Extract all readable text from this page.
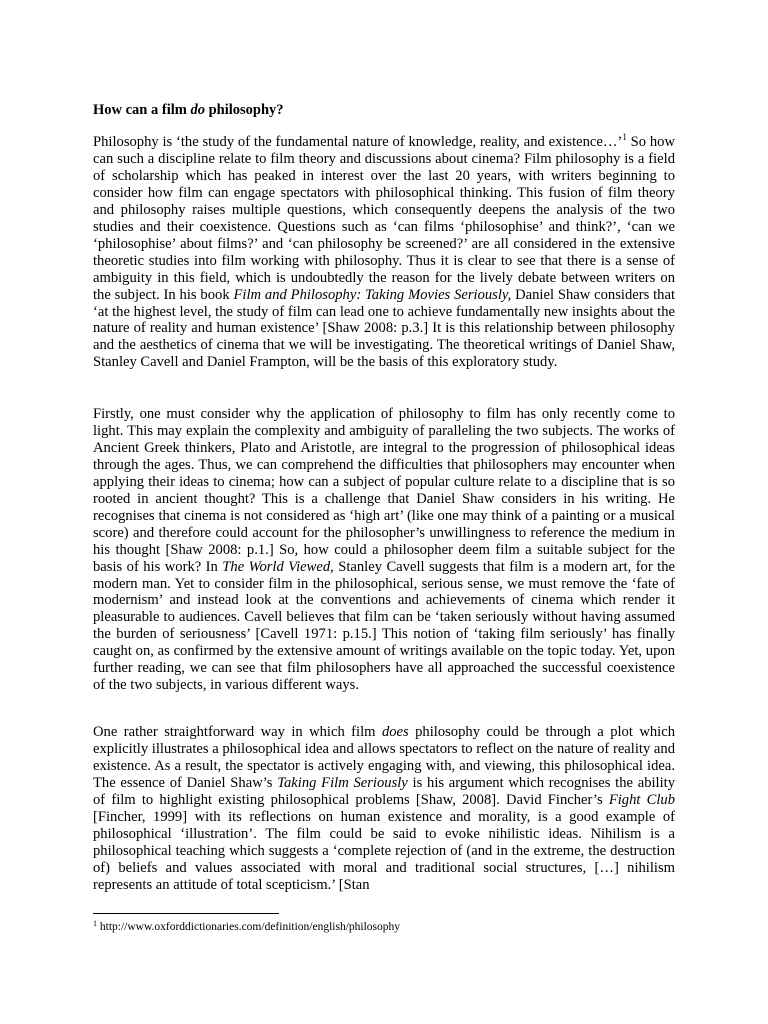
How can a film do philosophy?

Philosophy is ‘the study of the fundamental nature of knowledge, reality, and existence…’$^1$ So how can such a discipline relate to film theory and discussions about cinema? Film philosophy is a field of scholarship which has peaked in interest over the last 20 years, with writers beginning to consider how film can engage spectators with philosophical thinking. This fusion of film theory and philosophy raises multiple questions, which consequently deepens the analysis of the two studies and their coexistence. Questions such as ‘can films ‘philosophise’ and think?’, ‘can we ‘philosophise’ about films?’ and ‘can philosophy be screened?’ are all considered in the extensive theoretic studies into film working with philosophy. Thus it is clear to see that there is a sense of ambiguity in this field, which is undoubtedly the reason for the lively debate between writers on the subject. In his book Film and Philosophy: Taking Movies Seriously, Daniel Shaw considers that ‘at the highest level, the study of film can lead one to achieve fundamentally new insights about the nature of reality and human existence’ [Shaw 2008: p.3.] It is this relationship between philosophy and the aesthetics of cinema that we will be investigating. The theoretical writings of Daniel Shaw, Stanley Cavell and Daniel Frampton, will be the basis of this exploratory study.

Firstly, one must consider why the application of philosophy to film has only recently come to light. This may explain the complexity and ambiguity of paralleling the two subjects. The works of Ancient Greek thinkers, Plato and Aristotle, are integral to the progression of philosophical ideas through the ages. Thus, we can comprehend the difficulties that philosophers may encounter when applying their ideas to cinema; how can a subject of popular culture relate to a discipline that is so rooted in ancient thought? This is a challenge that Daniel Shaw considers in his writing. He recognises that cinema is not considered as ‘high art’ (like one may think of a painting or a musical score) and therefore could account for the philosopher’s unwillingness to reference the medium in his thought [Shaw 2008: p.1.] So, how could a philosopher deem film a suitable subject for the basis of his work? In The World Viewed, Stanley Cavell suggests that film is a modern art, for the modern man. Yet to consider film in the philosophical, serious sense, we must remove the ‘fate of modernism’ and instead look at the conventions and achievements of cinema which render it pleasurable to audiences. Cavell believes that film can be ‘taken seriously without having assumed the burden of seriousness’ [Cavell 1971: p.15.] This notion of ‘taking film seriously’ has finally caught on, as confirmed by the extensive amount of writings available on the topic today. Yet, upon further reading, we can see that film philosophers have all approached the successful coexistence of the two subjects, in various different ways.

One rather straightforward way in which film does philosophy could be through a plot which explicitly illustrates a philosophical idea and allows spectators to reflect on the nature of reality and existence. As a result, the spectator is actively engaging with, and viewing, this philosophical idea. The essence of Daniel Shaw’s Taking Film Seriously is his argument which recognises the ability of film to highlight existing philosophical problems [Shaw, 2008]. David Fincher’s Fight Club [Fincher, 1999] with its reflections on human existence and morality, is a good example of philosophical ‘illustration’. The film could be said to evoke nihilistic ideas. Nihilism is a philosophical teaching which suggests a ‘complete rejection of (and in the extreme, the destruction of) beliefs and values associated with moral and traditional social structures, […] nihilism represents an attitude of total scepticism.’ [Stan

$^1$ http://www.oxforddictionaries.com/definition/english/philosophy
